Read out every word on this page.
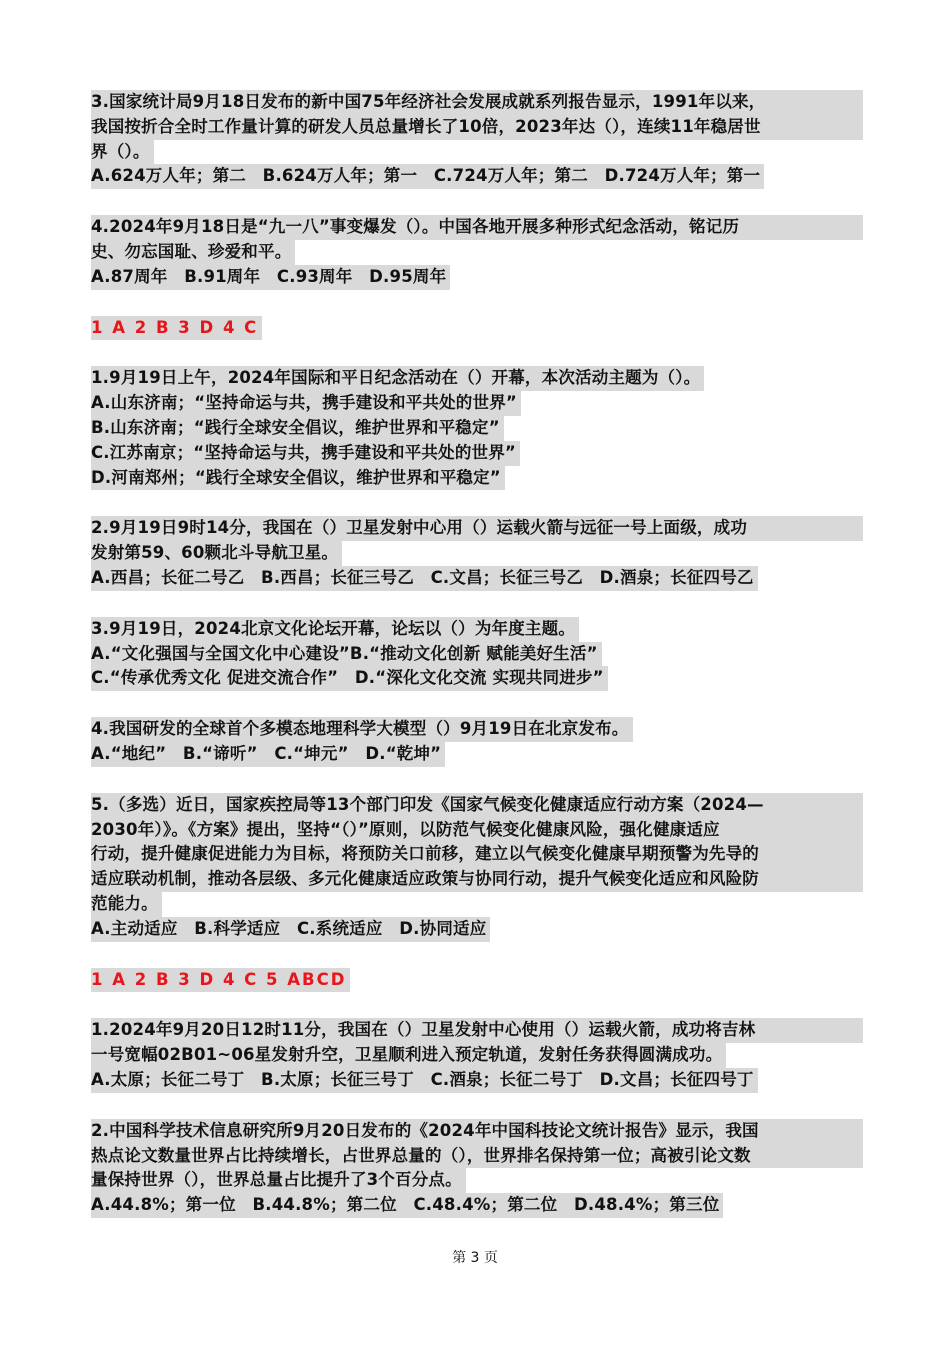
3.国家统计局9月18日发布的新中国75年经济社会发展成就系列报告显示，1991年以来，
我国按折合全时工作量计算的研发人员总量增长了10倍，2023年达（），连续11年稳居世
界（）。
A.624万人年；第二　B.624万人年；第一　C.724万人年；第二　D.724万人年；第一
4.2024年9月18日是“九一八”事变爆发（）。中国各地开展多种形式纪念活动，铭记历
史、勿忘国耻、珍爱和平。
A.87周年　B.91周年　C.93周年　D.95周年
1 A 2 B 3 D 4 C
1.9月19日上午，2024年国际和平日纪念活动在（）开幕，本次活动主题为（）。
A.山东济南；“坚持命运与共，携手建设和平共处的世界”
B.山东济南；“践行全球安全倡议，维护世界和平稳定”
C.江苏南京；“坚持命运与共，携手建设和平共处的世界”
D.河南郑州；“践行全球安全倡议，维护世界和平稳定”
2.9月19日9时14分，我国在（）卫星发射中心用（）运载火箭与远征一号上面级，成功
发射第59、60颗北斗导航卫星。
A.西昌；长征二号乙　B.西昌；长征三号乙　C.文昌；长征三号乙　D.酒泉；长征四号乙
3.9月19日，2024北京文化论坛开幕，论坛以（）为年度主题。
A.“文化强国与全国文化中心建设”B.“推动文化创新 赋能美好生活”
C.“传承优秀文化 促进交流合作”　D.“深化文化交流 实现共同进步”
4.我国研发的全球首个多模态地理科学大模型（）9月19日在北京发布。
A.“地纪”　B.“谛听”　C.“坤元”　D.“乾坤”
5.（多选）近日，国家疾控局等13个部门印发《国家气候变化健康适应行动方案（2024—
2030年）》。《方案》提出，坚持“（）”原则，以防范气候变化健康风险，强化健康适应
行动，提升健康促进能力为目标，将预防关口前移，建立以气候变化健康早期预警为先导的
适应联动机制，推动各层级、多元化健康适应政策与协同行动，提升气候变化适应和风险防
范能力。
A.主动适应　B.科学适应　C.系统适应　D.协同适应
1 A 2 B 3 D 4 C 5 ABCD
1.2024年9月20日12时11分，我国在（）卫星发射中心使用（）运载火箭，成功将吉林
一号宽幅02B01~06星发射升空，卫星顺利进入预定轨道，发射任务获得圆满成功。
A.太原；长征二号丁　B.太原；长征三号丁　C.酒泉；长征二号丁　D.文昌；长征四号丁
2.中国科学技术信息研究所9月20日发布的《2024年中国科技论文统计报告》显示，我国
热点论文数量世界占比持续增长，占世界总量的（），世界排名保持第一位；高被引论文数
量保持世界（），世界总量占比提升了3个百分点。
A.44.8%；第一位　B.44.8%；第二位　C.48.4%；第二位　D.48.4%；第三位
第 3 页
